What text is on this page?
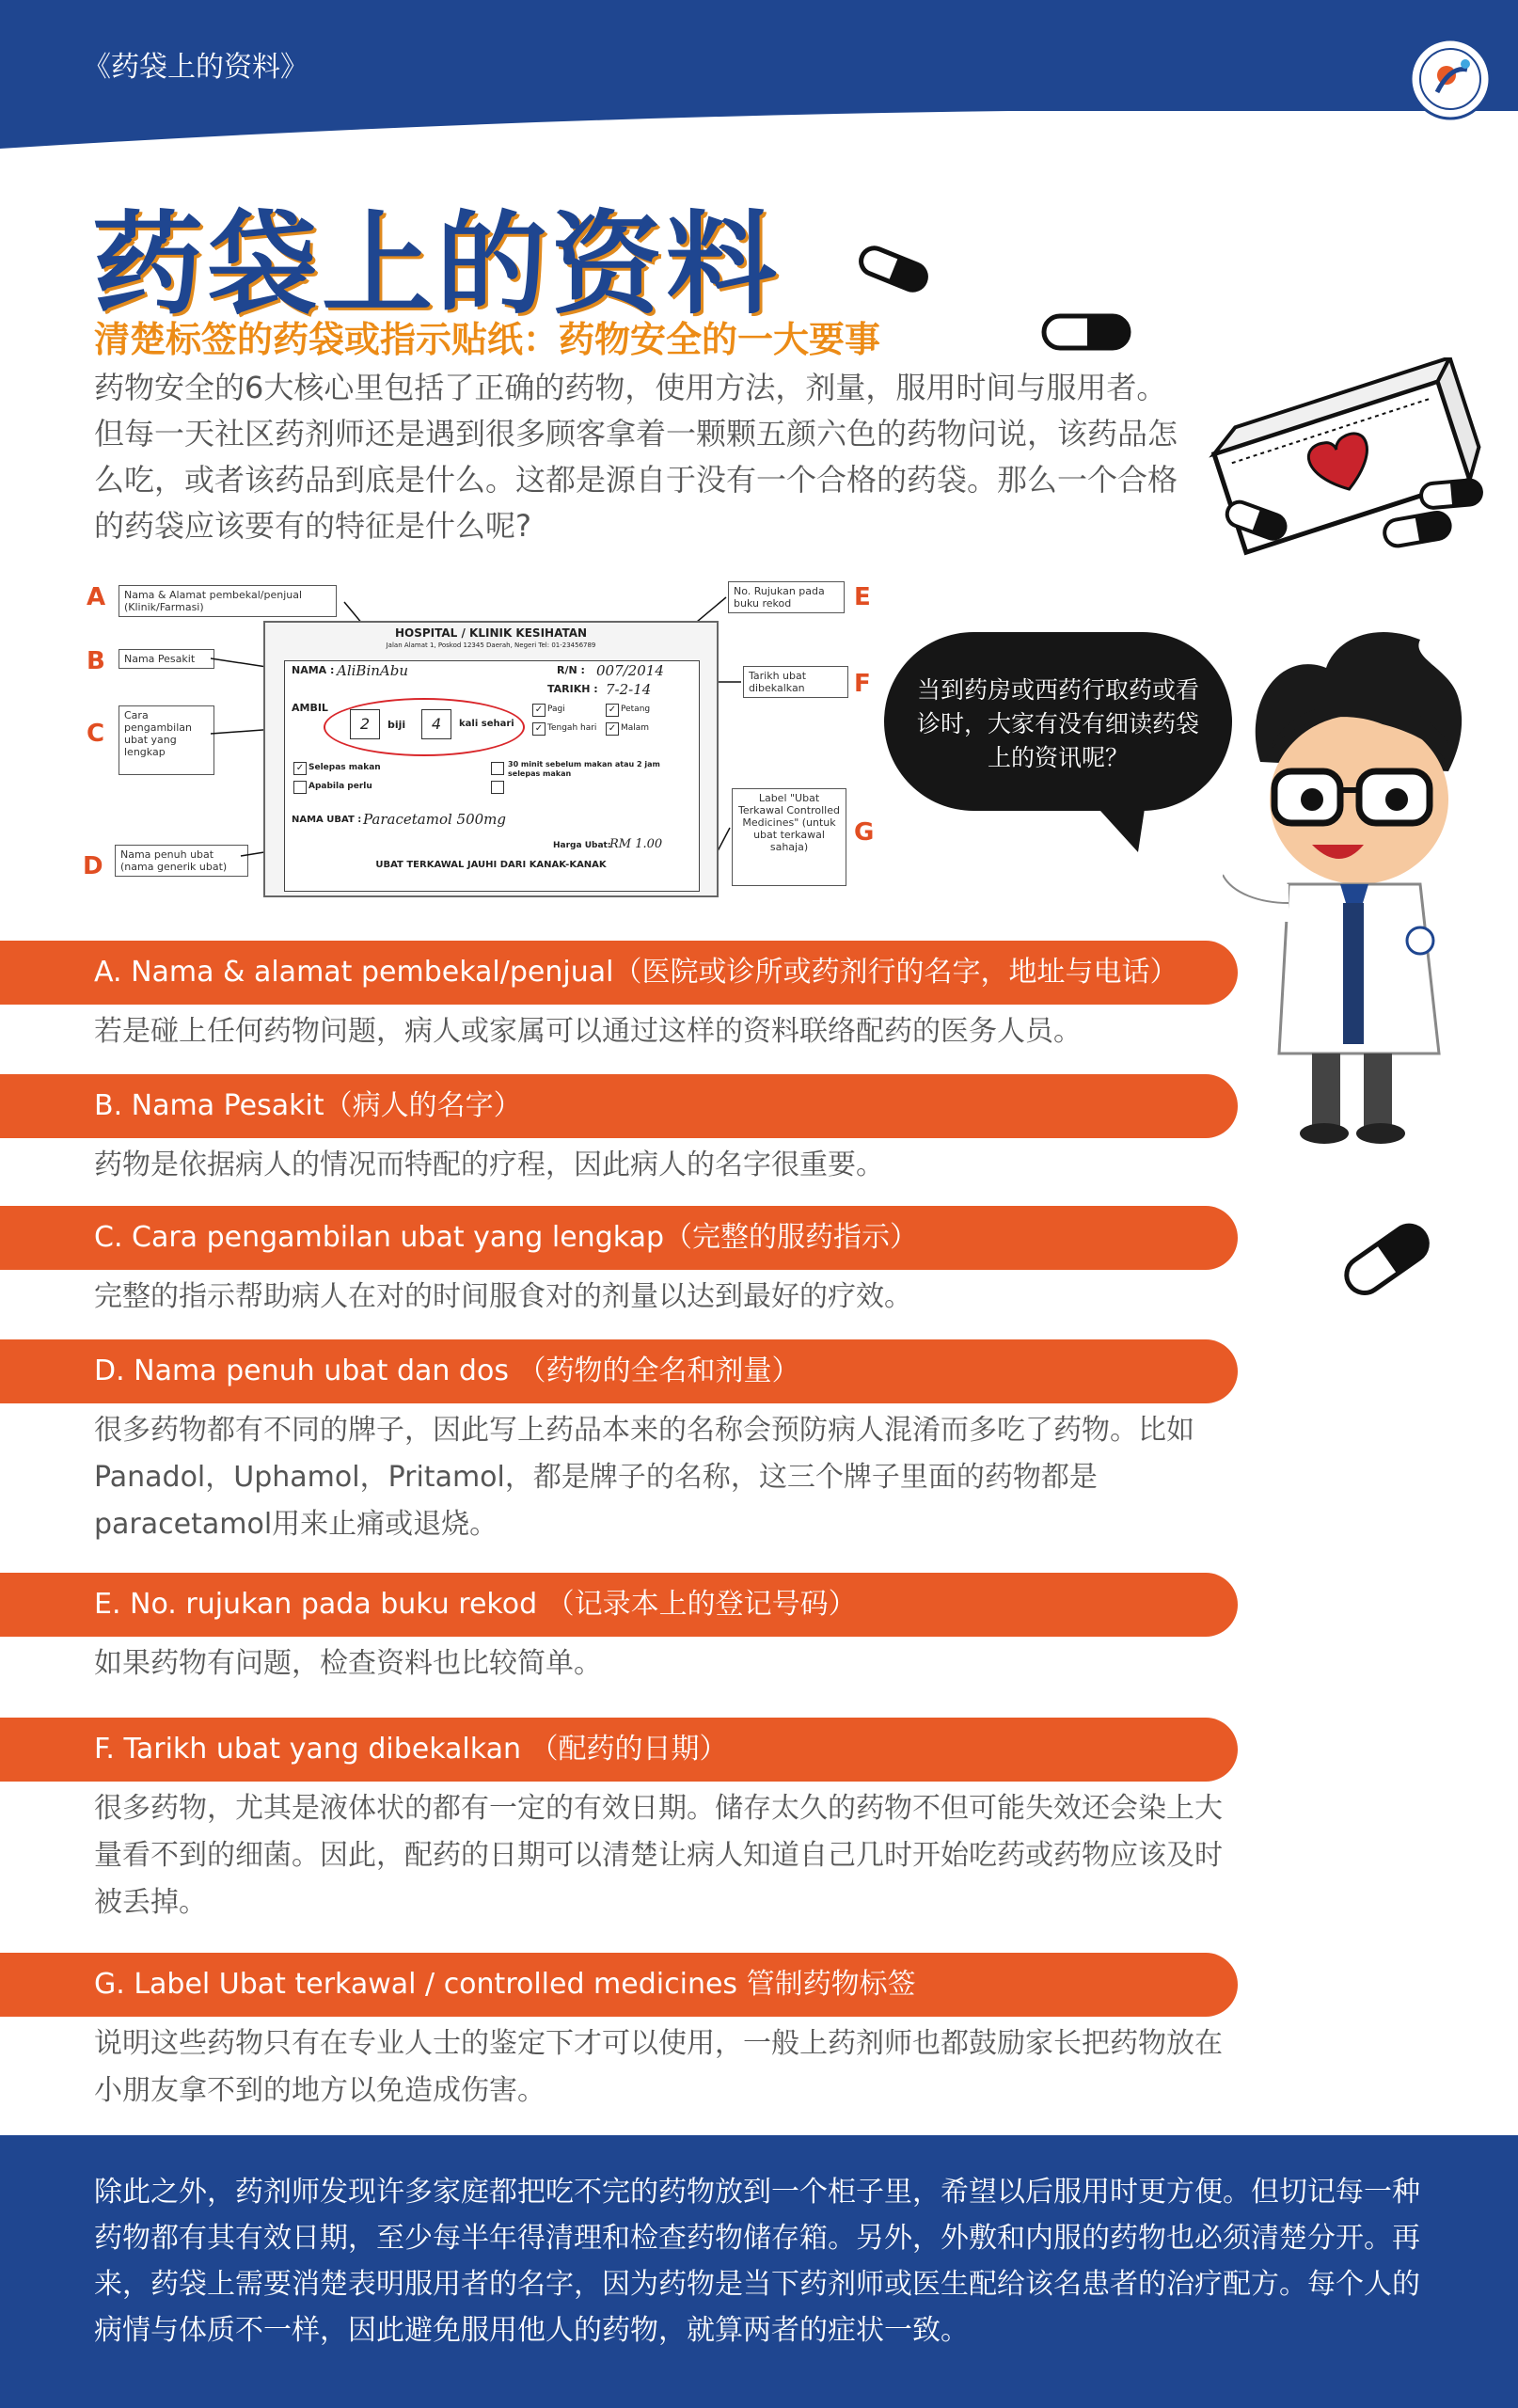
《药袋上的资料》
药袋上的资料
清楚标签的药袋或指示贴纸：药物安全的一大要事
药物安全的6大核心里包括了正确的药物，使用方法，剂量，服用时间与服用者。但每一天社区药剂师还是遇到很多顾客拿着一颗颗五颜六色的药物问说，该药品怎么吃，或者该药品到底是什么。这都是源自于没有一个合格的药袋。那么一个合格的药袋应该要有的特征是什么呢?
A
B
C
D
E
F
G
Nama & Alamat pembekal/penjual (Klinik/Farmasi)
Nama Pesakit
Cara pengambilan ubat yang lengkap
Nama penuh ubat (nama generik ubat)
No. Rujukan pada buku rekod
Tarikh ubat dibekalkan
Label "Ubat Terkawal Controlled Medicines" (untuk ubat terkawal sahaja)
HOSPITAL / KLINIK KESIHATAN
Jalan Alamat 1, Poskod 12345 Daerah, Negeri Tel: 01-23456789
NAMA : AliBinAbu	R/N : 007/2014
TARIKH : 7-2-14
AMBIL
2	biji	4	kali sehari
✓ Pagi	✓ Petang
✓ Tengah hari ✓ Malam
✓ Selepas makan
Apabila perlu
30 minit sebelum makan atau 2 jam selepas makan
NAMA UBAT : Paracetamol 500mg
Harga Ubat:
RM 1.00
UBAT TERKAWAL JAUHI DARI KANAK-KANAK
当到药房或西药行取药或看诊时，大家有没有细读药袋上的资讯呢？
A. Nama & alamat pembekal/penjual（医院或诊所或药剂行的名字，地址与电话）
若是碰上任何药物问题，病人或家属可以通过这样的资料联络配药的医务人员。
B. Nama Pesakit（病人的名字）
药物是依据病人的情况而特配的疗程，因此病人的名字很重要。
C. Cara pengambilan ubat yang lengkap（完整的服药指示）
完整的指示帮助病人在对的时间服食对的剂量以达到最好的疗效。
D. Nama penuh ubat dan dos （药物的全名和剂量）
很多药物都有不同的牌子，因此写上药品本来的名称会预防病人混淆而多吃了药物。比如Panadol，Uphamol，Pritamol，都是牌子的名称，这三个牌子里面的药物都是paracetamol用来止痛或退烧。
E. No. rujukan pada buku rekod （记录本上的登记号码）
如果药物有问题，检查资料也比较简单。
F. Tarikh ubat yang dibekalkan （配药的日期）
很多药物，尤其是液体状的都有一定的有效日期。储存太久的药物不但可能失效还会染上大量看不到的细菌。因此，配药的日期可以清楚让病人知道自己几时开始吃药或药物应该及时被丢掉。
G. Label Ubat terkawal / controlled medicines 管制药物标签
说明这些药物只有在专业人士的鉴定下才可以使用，一般上药剂师也都鼓励家长把药物放在小朋友拿不到的地方以免造成伤害。
除此之外，药剂师发现许多家庭都把吃不完的药物放到一个柜子里，希望以后服用时更方便。但切记每一种药物都有其有效日期，至少每半年得清理和检查药物储存箱。另外，外敷和内服的药物也必须清楚分开。再来，药袋上需要消楚表明服用者的名字，因为药物是当下药剂师或医生配给该名患者的治疗配方。每个人的病情与体质不一样，因此避免服用他人的药物，就算两者的症状一致。
